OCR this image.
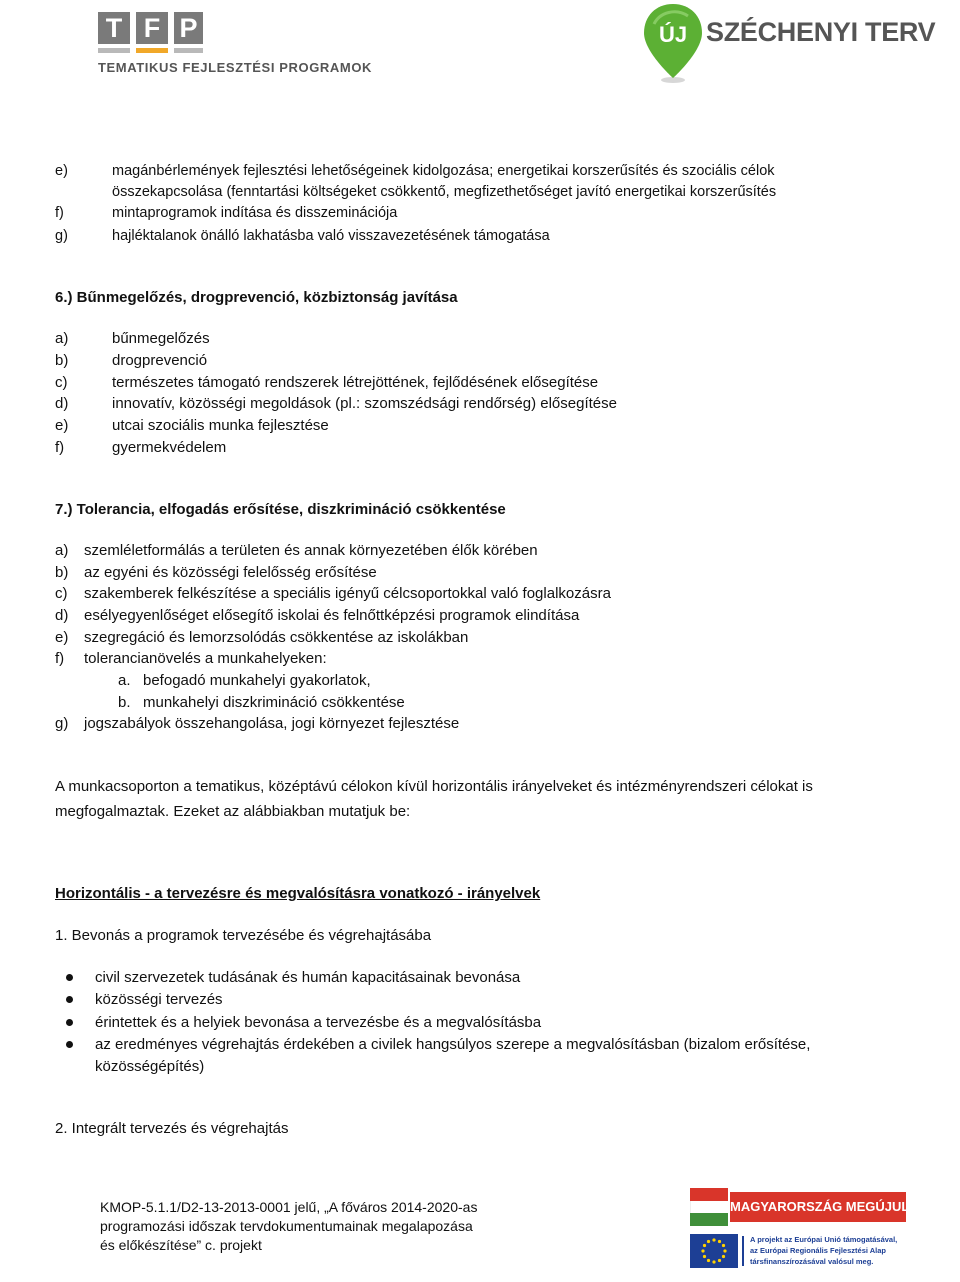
T F P
TEMATIKUS FEJLESZTÉSI PROGRAMOK
ÚJ SZÉCHENYI TERV
e)	magánbérlemények fejlesztési lehetőségeinek kidolgozása; energetikai korszerűsítés és szociális célok
összekapcsolása (fenntartási költségeket csökkentő, megfizethetőséget javító energetikai korszerűsítés
f)	mintaprogramok indítása és disszeminációja
g)	hajléktalanok önálló lakhatásba való visszavezetésének támogatása
6.) Bűnmegelőzés, drogprevenció, közbiztonság javítása
a)	bűnmegelőzés
b)	drogprevenció
c)	természetes támogató rendszerek létrejöttének, fejlődésének elősegítése
d)	innovatív, közösségi megoldások (pl.: szomszédsági rendőrség) elősegítése
e)	utcai szociális munka fejlesztése
f)	gyermekvédelem
7.) Tolerancia, elfogadás erősítése, diszkrimináció csökkentése
a) szemléletformálás a területen és annak környezetében élők körében
b) az egyéni és közösségi felelősség erősítése
c) szakemberek felkészítése a speciális igényű célcsoportokkal való foglalkozásra
d) esélyegyenlőséget elősegítő iskolai és felnőttképzési programok elindítása
e) szegregáció és lemorzsolódás csökkentése az iskolákban
f) tolerancianövelés a munkahelyeken:
a. befogadó munkahelyi gyakorlatok,
b. munkahelyi diszkrimináció csökkentése
g) jogszabályok összehangolása, jogi környezet fejlesztése
A munkacsoporton a tematikus, középtávú célokon kívül horizontális irányelveket és intézményrendszeri célokat is
megfogalmaztak. Ezeket az alábbiakban mutatjuk be:
Horizontális - a tervezésre és megvalósításra vonatkozó - irányelvek
1. Bevonás a programok tervezésébe és végrehajtásába
civil szervezetek tudásának és humán kapacitásainak bevonása
közösségi tervezés
érintettek és a helyiek bevonása a tervezésbe és a megvalósításba
az eredményes végrehajtás érdekében a civilek hangsúlyos szerepe a megvalósításban (bizalom erősítése,
közösségépítés)
2. Integrált tervezés és végrehajtás
KMOP-5.1.1/D2-13-2013-0001 jelű, „A főváros 2014-2020-as
programozási időszak tervdokumentumainak megalapozása
és előkészítése” c. projekt
MAGYARORSZÁG MEGÚJUL
A projekt az Európai Unió támogatásával,
az Európai Regionális Fejlesztési Alap
társfinanszírozásával valósul meg.
